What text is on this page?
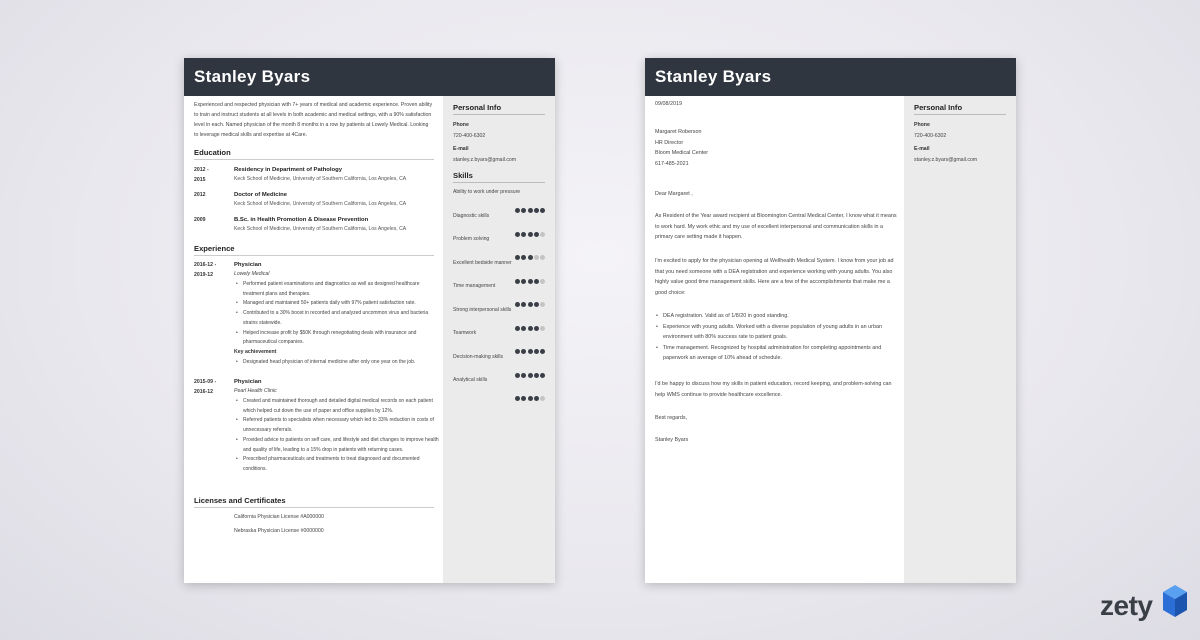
Stanley Byars
Experienced and respected physician with 7+ years of medical and academic experience. Proven ability to train and instruct students at all levels in both academic and medical settings, with a 90% satisfaction level in each. Named physician of the month 8 months in a row by patients at Lowely Medical. Looking to leverage medical skills and expertise at 4Care.
Education
2012 -
2015
Residency in Department of Pathology
Keck School of Medicine, University of Southern California, Los Angeles, CA
2012	Doctor of Medicine
Keck School of Medicine, University of Southern California, Los Angeles, CA
2009	B.Sc. in Health Promotion & Disease Prevention
Keck School of Medicine, University of Southern California, Los Angeles, CA
Experience
2016-12 -
2019-12
Physician
Lowely Medical
• Performed patient examinations and diagnostics as well as designed healthcare treatment plans and therapies.
• Managed and maintained 50+ patients daily with 97% patient satisfaction rate.
• Contributed to a 30% boost in recorded and analyzed uncommon virus and bacteria strains statewide.
• Helped increase profit by $50K through renegotiating deals with insurance and pharmaceutical companies.
Key achievement
• Designated head physician of internal medicine after only one year on the job.
2015-09 -
2016-12
Physician
Pearl Health Clinic
• Created and maintained thorough and detailed digital medical records on each patient which helped cut down the use of paper and office supplies by 12%.
• Referred patients to specialists when necessary which led to 33% reduction in costs of unnecessary referrals.
• Provided advice to patients on self care, and lifestyle and diet changes to improve health and quality of life, leading to a 15% drop in patients with returning cases.
• Prescribed pharmaceuticals and treatments to treat diagnosed and documented conditions.
Licenses and Certificates
California Physician License #A000000
Nebraska Physician License #0000000
Personal Info
Phone
720-400-6302
E-mail
stanley.z.byars@gmail.com
Skills
Ability to work under pressure
Diagnostic skills
Problem solving
Excellent bedside manner
Time management
Strong interpersonal skills
Teamwork
Decision-making skills
Analytical skills
Stanley Byars
09/08/2019
Margaret Roberson
HR Director
Bloom Medical Center
617-485-2021
Dear Margaret ,
As Resident of the Year award recipient at Bloomington Central Medical Center, I know what it means to work hard. My work ethic and my use of excellent interpersonal and communication skills in a primary care setting made it happen.
I'm excited to apply for the physician opening at Wellhealth Medical System. I know from your job ad that you need someone with a DEA registration and experience working with young adults. You also highly value good time management skills. Here are a few of the accomplishments that make me a good choice:
• DEA registration. Valid as of 1/8/20 in good standing.
• Experience with young adults. Worked with a diverse population of young adults in an urban environment with 80% success rate to patient goals.
• Time management. Recognized by hospital administration for completing appointments and paperwork an average of 10% ahead of schedule.
I'd be happy to discuss how my skills in patient education, record keeping, and problem-solving can help WMS continue to provide healthcare excellence.
Best regards,
Stanley Byars
Personal Info
Phone
720-400-6302
E-mail
stanley.z.byars@gmail.com
zety
